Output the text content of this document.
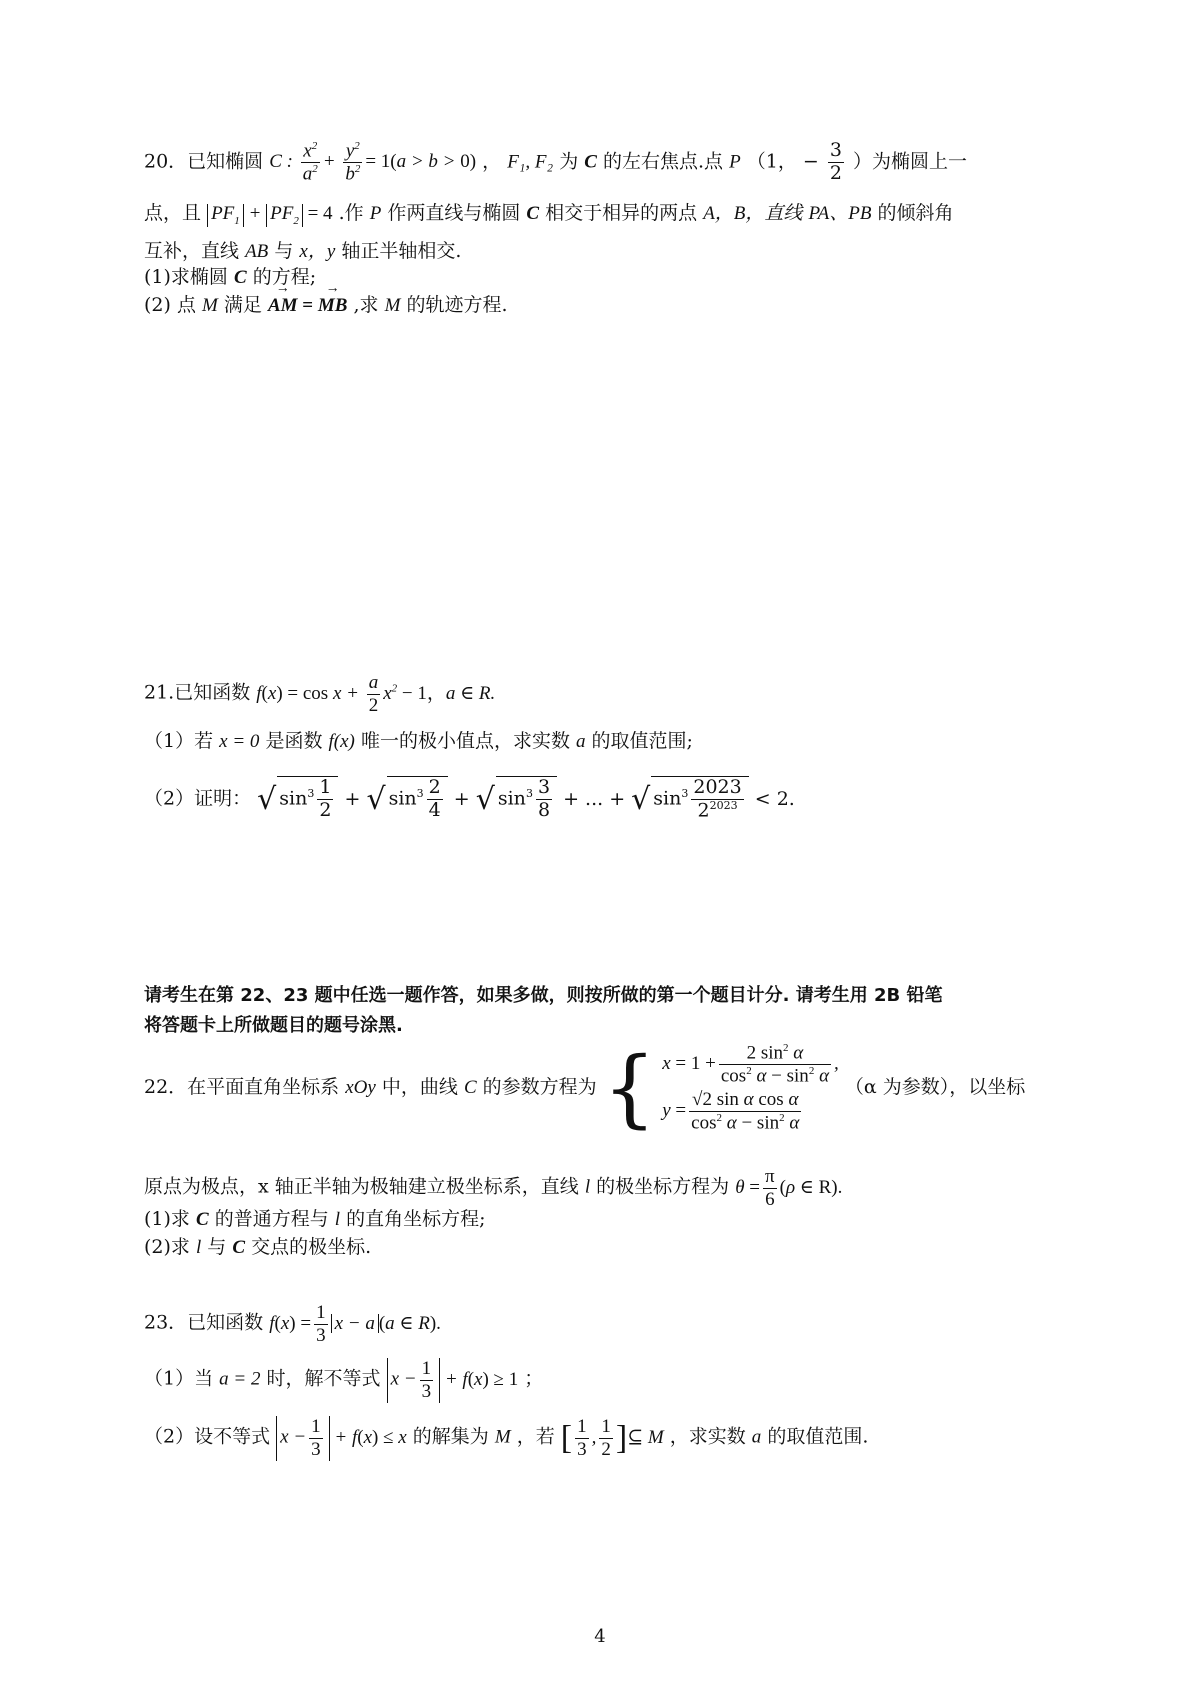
20．已知椭圆 C : $\frac{x^2}{a^2} + \frac{y^2}{b^2} = 1(a > b > 0)$ ， F₁, F₂ 为 C 的左右焦点.点 P （1， − $\frac{3}{2}$ ）为椭圆上一
点，且 $PF_1 + PF_2 = 4$ .作 P 作两直线与椭圆 C 相交于相异的两点 A，B，直线 PA、PB 的倾斜角
互补，直线 AB 与 x，y 轴正半轴相交.
(1)求椭圆 C 的方程;
(2) 点 M 满足 → AM = → MB ,求 M 的轨迹方程.
21.已知函数 $f(x) = \cos x + \frac{a}{2} x^2 - 1$，a ∈ R.
（1）若 x = 0 是函数 f(x) 唯一的极小值点，求实数 a 的取值范围;
（2）证明： √ $\sin^3 \frac{1}{2}$ + √ $\sin^3 \frac{2}{4}$ + √ $\sin^3 \frac{3}{8}$ + ... + √ $\sin^3 \frac{2023}{2^{2023}} < 2$.
请考生在第 22、23 题中任选一题作答，如果多做，则按所做的第一个题目计分. 请考生用 2B 铅笔
将答题卡上所做题目的题号涂黑.
22．在平面直角坐标系 xOy 中，曲线 C 的参数方程为 { $x = 1 + \frac{2 \sin^2 \alpha}{\cos^2 \alpha - \sin^2 \alpha}$ ,
$y = \frac{\text{√2 sin α cos α}}{\cos^2 \alpha - \sin^2 \alpha}$
（α 为参数），以坐标
原点为极点，x 轴正半轴为极轴建立极坐标系，直线 l 的极坐标方程为 $\theta = \frac{\pi}{6} (\rho$ ∈ R).
(1)求 C 的普通方程与 l 的直角坐标方程;
(2)求 l 与 C 交点的极坐标.
23．已知函数 $f(x) = \frac{1}{3}$ x − a (a ∈ R).
（1）当 a = 2 时，解不等式 $x - \frac{1}{3} + f(x) \ge 1$ ；
（2）设不等式 $x - \frac{1}{3} + f(x) \le x$ 的解集为 M ，若 [ $\frac{1}{3}$ , $\frac{1}{2}$ ]⊆ M ，求实数 a 的取值范围.
4
